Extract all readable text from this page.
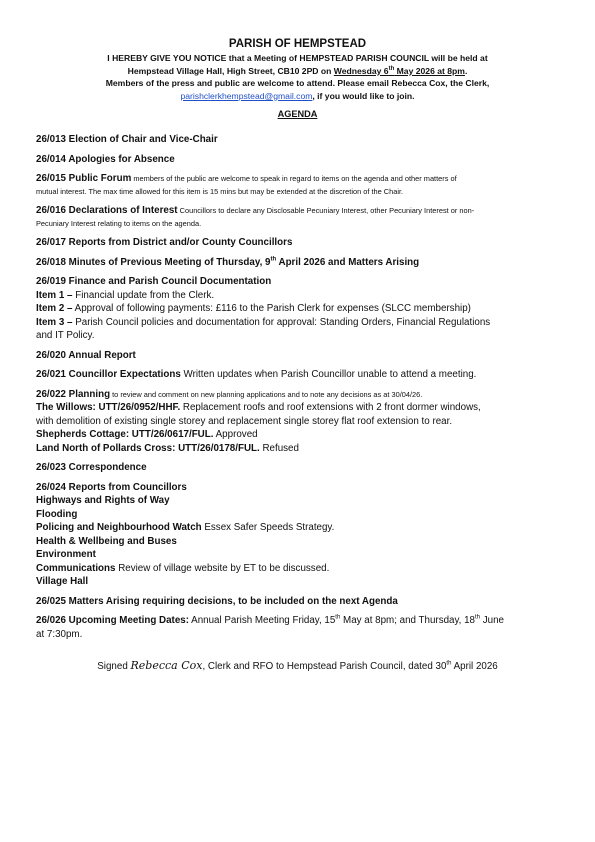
PARISH OF HEMPSTEAD
I HEREBY GIVE YOU NOTICE that a Meeting of HEMPSTEAD PARISH COUNCIL will be held at
Hempstead Village Hall, High Street, CB10 2PD on Wednesday 6th May 2026 at 8pm.
Members of the press and public are welcome to attend. Please email Rebecca Cox, the Clerk,
parishclerkhempstead@gmail.com, if you would like to join.
AGENDA
26/013 Election of Chair and Vice-Chair
26/014 Apologies for Absence
26/015 Public Forum members of the public are welcome to speak in regard to items on the agenda and other matters of
mutual interest. The max time allowed for this item is 15 mins but may be extended at the discretion of the Chair.
26/016 Declarations of Interest Councillors to declare any Disclosable Pecuniary Interest, other Pecuniary Interest or non-
Pecuniary Interest relating to items on the agenda.
26/017 Reports from District and/or County Councillors
26/018 Minutes of Previous Meeting of Thursday, 9th April 2026 and Matters Arising
26/019 Finance and Parish Council Documentation
Item 1 – Financial update from the Clerk.
Item 2 – Approval of following payments: £116 to the Parish Clerk for expenses (SLCC membership)
Item 3 – Parish Council policies and documentation for approval: Standing Orders, Financial Regulations
and IT Policy.
26/020 Annual Report
26/021 Councillor Expectations Written updates when Parish Councillor unable to attend a meeting.
26/022 Planning to review and comment on new planning applications and to note any decisions as at 30/04/26.
The Willows: UTT/26/0952/HHF. Replacement roofs and roof extensions with 2 front dormer windows,
with demolition of existing single storey and replacement single storey flat roof extension to rear.
Shepherds Cottage: UTT/26/0617/FUL. Approved
Land North of Pollards Cross: UTT/26/0178/FUL. Refused
26/023 Correspondence
26/024 Reports from Councillors
Highways and Rights of Way
Flooding
Policing and Neighbourhood Watch Essex Safer Speeds Strategy.
Health & Wellbeing and Buses
Environment
Communications Review of village website by ET to be discussed.
Village Hall
26/025 Matters Arising requiring decisions, to be included on the next Agenda
26/026 Upcoming Meeting Dates: Annual Parish Meeting Friday, 15th May at 8pm; and Thursday, 18th June
at 7:30pm.
Signed Rebecca Cox, Clerk and RFO to Hempstead Parish Council, dated 30th April 2026
